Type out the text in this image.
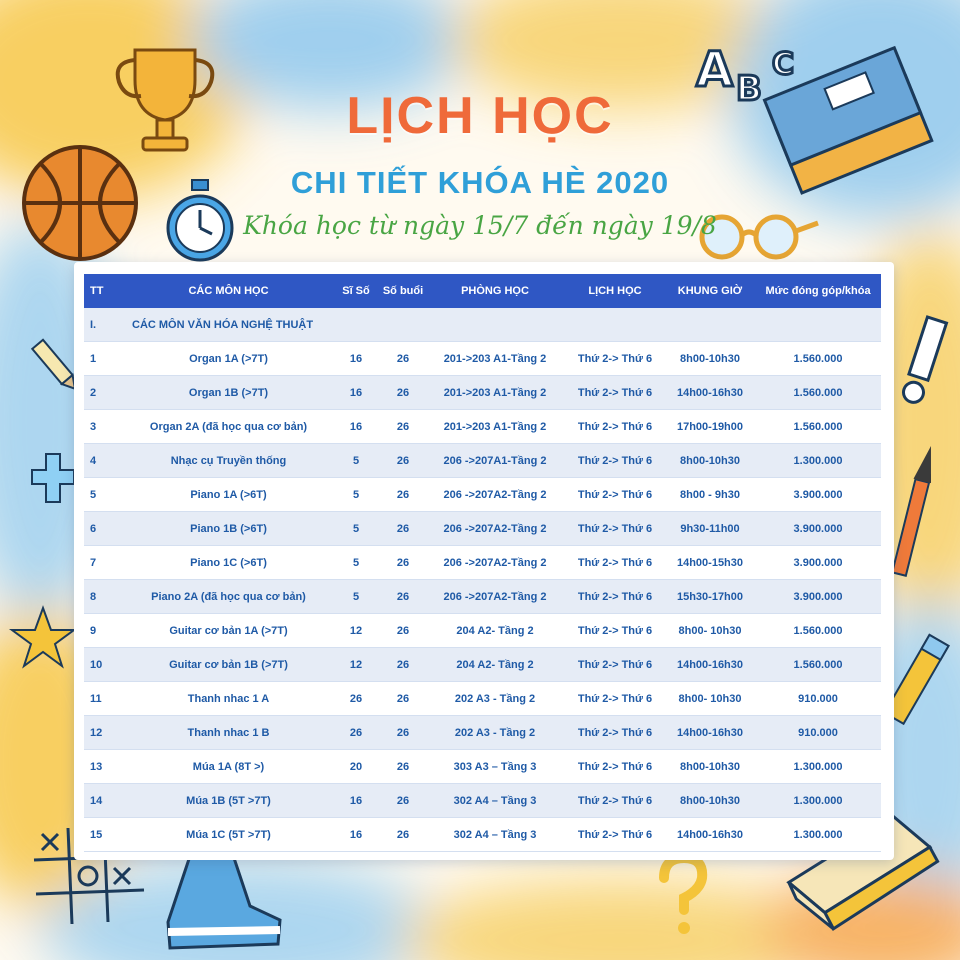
A B
C
LỊCH HỌC
CHI TIẾT KHÓA HÈ 2020
Khóa học từ ngày 15/7 đến ngày 19/8
TT	CÁC MÔN HỌC	Sĩ Số	Số buổi	PHÒNG HỌC	LỊCH HỌC	KHUNG GIỜ	Mức đóng góp/khóa
I.	CÁC MÔN VĂN HÓA NGHỆ THUẬT						
1	Organ 1A (>7T)	16	26	201->203 A1-Tầng 2	Thứ 2-> Thứ 6	8h00-10h30	1.560.000
2	Organ 1B (>7T)	16	26	201->203 A1-Tầng 2	Thứ 2-> Thứ 6	14h00-16h30	1.560.000
3	Organ 2A (đã học qua cơ bản)	16	26	201->203 A1-Tầng 2	Thứ 2-> Thứ 6	17h00-19h00	1.560.000
4	Nhạc cụ Truyền thống	5	26	206 ->207A1-Tầng 2	Thứ 2-> Thứ 6	8h00-10h30	1.300.000
5	Piano 1A (>6T)	5	26	206 ->207A2-Tầng 2	Thứ 2-> Thứ 6	8h00 - 9h30	3.900.000
6	Piano 1B (>6T)	5	26	206 ->207A2-Tầng 2	Thứ 2-> Thứ 6	9h30-11h00	3.900.000
7	Piano 1C (>6T)	5	26	206 ->207A2-Tầng 2	Thứ 2-> Thứ 6	14h00-15h30	3.900.000
8	Piano 2A (đã học qua cơ bản)	5	26	206 ->207A2-Tầng 2	Thứ 2-> Thứ 6	15h30-17h00	3.900.000
9	Guitar cơ bản 1A (>7T)	12	26	204 A2- Tầng 2	Thứ 2-> Thứ 6	8h00- 10h30	1.560.000
10	Guitar cơ bản 1B (>7T)	12	26	204 A2- Tầng 2	Thứ 2-> Thứ 6	14h00-16h30	1.560.000
11	Thanh nhac 1 A	26	26	202 A3 - Tầng 2	Thứ 2-> Thứ 6	8h00- 10h30	910.000
12	Thanh nhac 1 B	26	26	202 A3 - Tầng 2	Thứ 2-> Thứ 6	14h00-16h30	910.000
13	Múa 1A (8T >)	20	26	303 A3 – Tầng 3	Thứ 2-> Thứ 6	8h00-10h30	1.300.000
14	Múa 1B (5T >7T)	16	26	302 A4 – Tầng 3	Thứ 2-> Thứ 6	8h00-10h30	1.300.000
15	Múa 1C (5T >7T)	16	26	302 A4 – Tầng 3	Thứ 2-> Thứ 6	14h00-16h30	1.300.000
